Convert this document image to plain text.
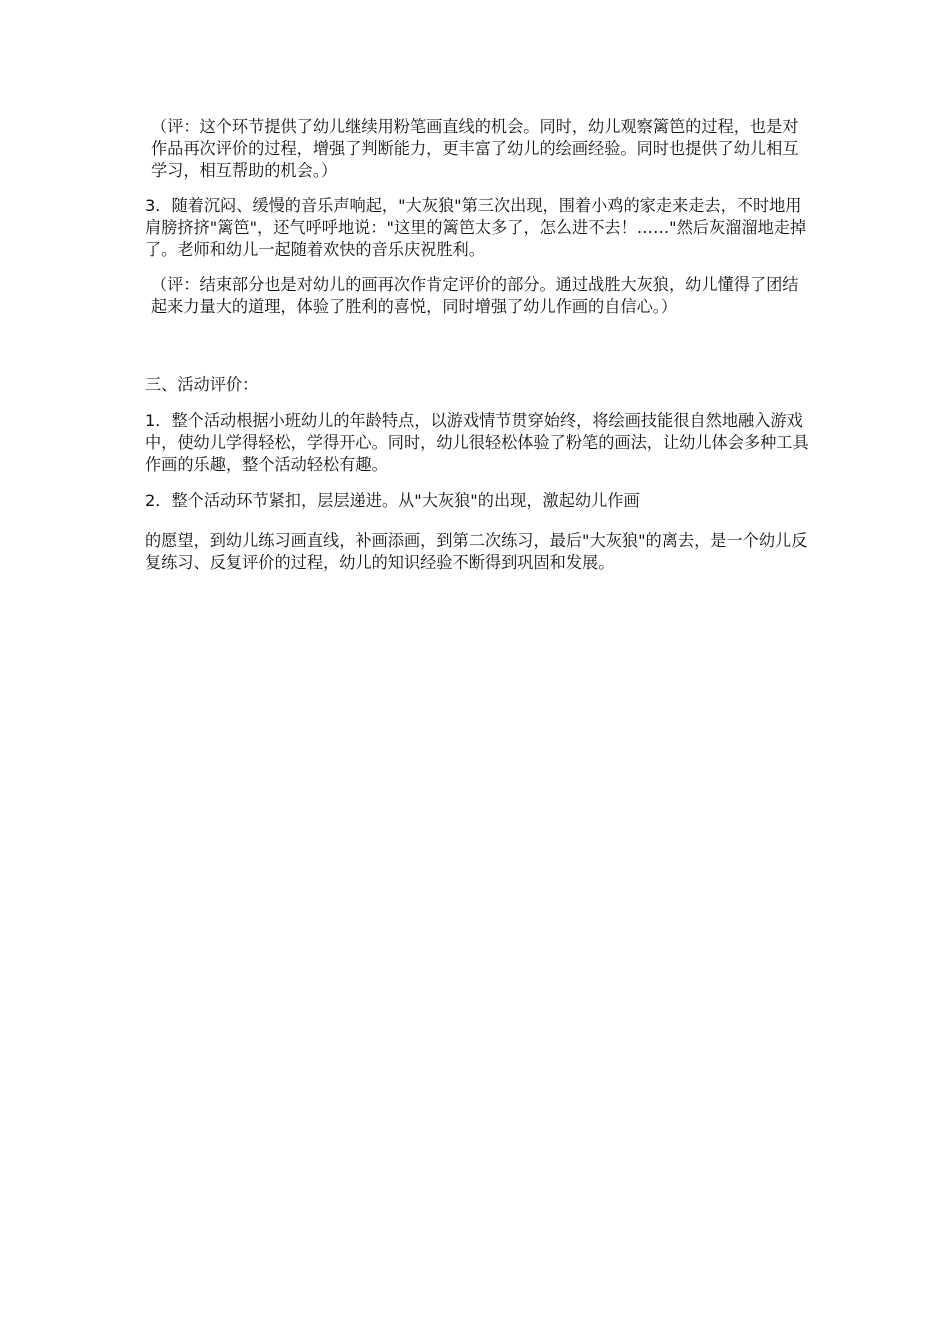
（评：这个环节提供了幼儿继续用粉笔画直线的机会。同时，幼儿观察篱笆的过程，也是对作品再次评价的过程，增强了判断能力，更丰富了幼儿的绘画经验。同时也提供了幼儿相互学习，相互帮助的机会。）

3．随着沉闷、缓慢的音乐声响起，"大灰狼"第三次出现，围着小鸡的家走来走去，不时地用肩膀挤挤"篱笆"，还气呼呼地说："这里的篱笆太多了，怎么进不去！……"然后灰溜溜地走掉了。老师和幼儿一起随着欢快的音乐庆祝胜利。

（评：结束部分也是对幼儿的画再次作肯定评价的部分。通过战胜大灰狼，幼儿懂得了团结起来力量大的道理，体验了胜利的喜悦，同时增强了幼儿作画的自信心。）

三、活动评价：

1．整个活动根据小班幼儿的年龄特点，以游戏情节贯穿始终，将绘画技能很自然地融入游戏中，使幼儿学得轻松，学得开心。同时，幼儿很轻松体验了粉笔的画法，让幼儿体会多种工具作画的乐趣，整个活动轻松有趣。

2．整个活动环节紧扣，层层递进。从"大灰狼"的出现，激起幼儿作画

的愿望，到幼儿练习画直线，补画添画，到第二次练习，最后"大灰狼"的离去，是一个幼儿反复练习、反复评价的过程，幼儿的知识经验不断得到巩固和发展。
